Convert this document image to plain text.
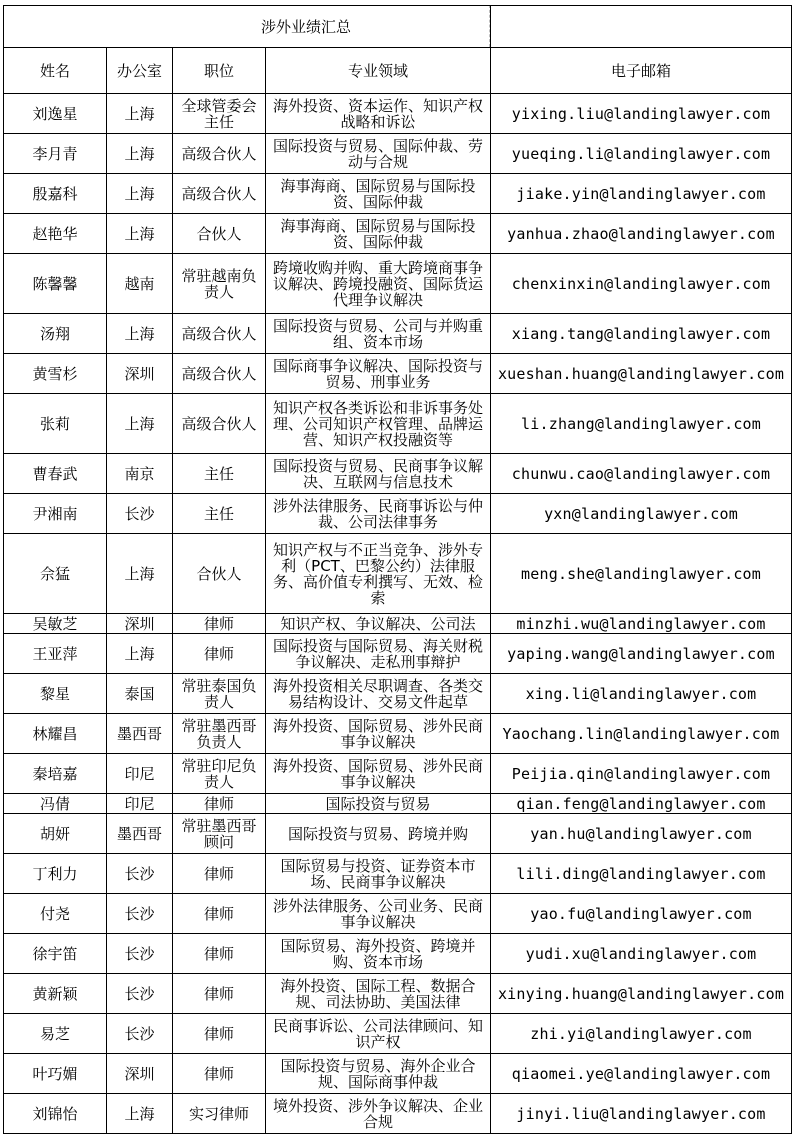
涉外业绩汇总				
姓名	办公室	职位	专业领域	电子邮箱
刘逸星	上海	全球管委会主任	海外投资、资本运作、知识产权战略和诉讼	yixing.liu@landinglawyer.com
李月青	上海	高级合伙人	国际投资与贸易、国际仲裁、劳动与合规	yueqing.li@landinglawyer.com
殷嘉科	上海	高级合伙人	海事海商、国际贸易与国际投资、国际仲裁	jiake.yin@landinglawyer.com
赵艳华	上海	合伙人	海事海商、国际贸易与国际投资、国际仲裁	yanhua.zhao@landinglawyer.com
陈馨馨	越南	常驻越南负责人	跨境收购并购、重大跨境商事争议解决、跨境投融资、国际货运代理争议解决	chenxinxin@landinglawyer.com
汤翔	上海	高级合伙人	国际投资与贸易、公司与并购重组、资本市场	xiang.tang@landinglawyer.com
黄雪杉	深圳	高级合伙人	国际商事争议解决、国际投资与贸易、刑事业务	xueshan.huang@landinglawyer.com
张莉	上海	高级合伙人	知识产权各类诉讼和非诉事务处理、公司知识产权管理、品牌运营、知识产权投融资等	li.zhang@landinglawyer.com
曹春武	南京	主任	国际投资与贸易、民商事争议解决、互联网与信息技术	chunwu.cao@landinglawyer.com
尹湘南	长沙	主任	涉外法律服务、民商事诉讼与仲裁、公司法律事务	yxn@landinglawyer.com
佘猛	上海	合伙人	知识产权与不正当竞争、涉外专利（PCT、巴黎公约）法律服务、高价值专利撰写、无效、检索	meng.she@landinglawyer.com
吴敏芝	深圳	律师	知识产权、争议解决、公司法	minzhi.wu@landinglawyer.com
王亚萍	上海	律师	国际投资与国际贸易、海关财税争议解决、走私刑事辩护	yaping.wang@landinglawyer.com
黎星	泰国	常驻泰国负责人	海外投资相关尽职调查、各类交易结构设计、交易文件起草	xing.li@landinglawyer.com
林耀昌	墨西哥	常驻墨西哥负责人	海外投资、国际贸易、涉外民商事争议解决	Yaochang.lin@landinglawyer.com
秦培嘉	印尼	常驻印尼负责人	海外投资、国际贸易、涉外民商事争议解决	Peijia.qin@landinglawyer.com
冯倩	印尼	律师	国际投资与贸易	qian.feng@landinglawyer.com
胡妍	墨西哥	常驻墨西哥顾问	国际投资与贸易、跨境并购	yan.hu@landinglawyer.com
丁利力	长沙	律师	国际贸易与投资、证券资本市场、民商事争议解决	lili.ding@landinglawyer.com
付尧	长沙	律师	涉外法律服务、公司业务、民商事争议解决	yao.fu@landinglawyer.com
徐宇笛	长沙	律师	国际贸易、海外投资、跨境并购、资本市场	yudi.xu@landinglawyer.com
黄新颖	长沙	律师	海外投资、国际工程、数据合规、司法协助、美国法律	xinying.huang@landinglawyer.com
易芝	长沙	律师	民商事诉讼、公司法律顾问、知识产权	zhi.yi@landinglawyer.com
叶巧媚	深圳	律师	国际投资与贸易、海外企业合规、国际商事仲裁	qiaomei.ye@landinglawyer.com
刘锦怡	上海	实习律师	境外投资、涉外争议解决、企业合规	jinyi.liu@landinglawyer.com
